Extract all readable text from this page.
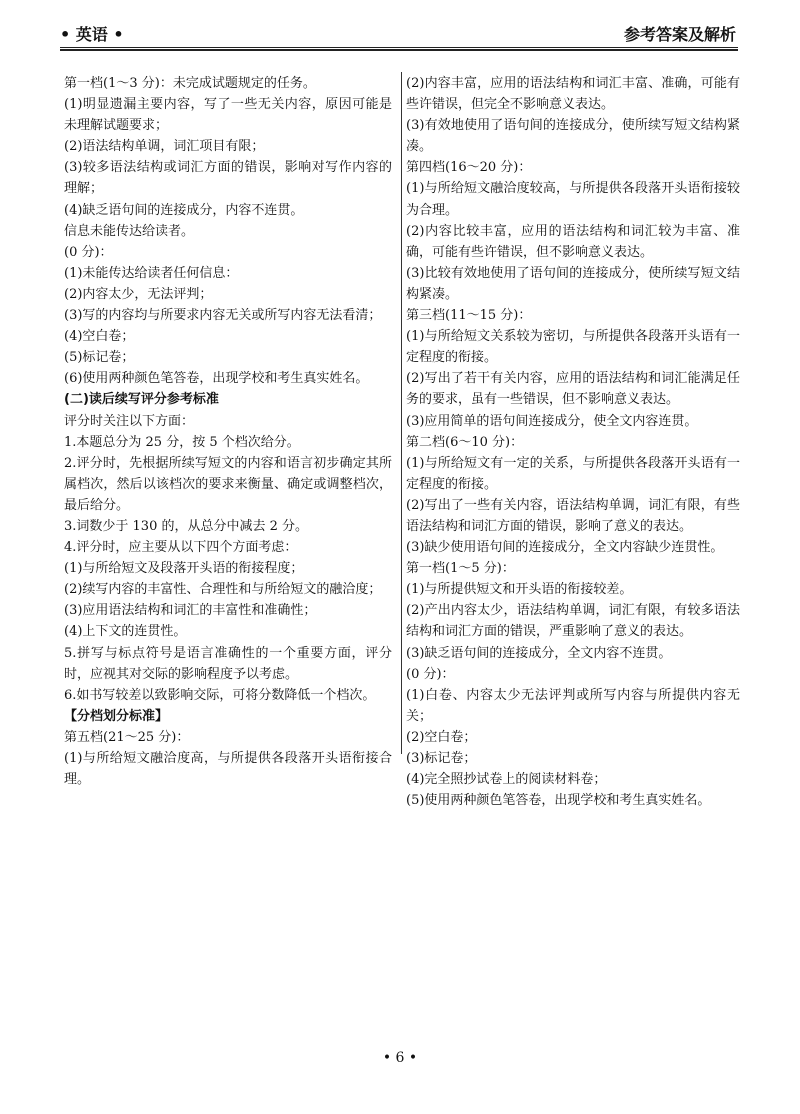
• 英语 •	参考答案及解析

第一档(1～3 分)：未完成试题规定的任务。

(1)明显遗漏主要内容，写了一些无关内容，原因可能是未理解试题要求；

(2)语法结构单调，词汇项目有限；

(3)较多语法结构或词汇方面的错误，影响对写作内容的理解；

(4)缺乏语句间的连接成分，内容不连贯。

信息未能传达给读者。

(0 分)：

(1)未能传达给读者任何信息：

(2)内容太少，无法评判；

(3)写的内容均与所要求内容无关或所写内容无法看清；

(4)空白卷；

(5)标记卷；

(6)使用两种颜色笔答卷，出现学校和考生真实姓名。

(二)读后续写评分参考标准

评分时关注以下方面：

1.本题总分为 25 分，按 5 个档次给分。

2.评分时，先根据所续写短文的内容和语言初步确定其所属档次，然后以该档次的要求来衡量、确定或调整档次，最后给分。

3.词数少于 130 的，从总分中减去 2 分。

4.评分时，应主要从以下四个方面考虑：

(1)与所给短文及段落开头语的衔接程度；

(2)续写内容的丰富性、合理性和与所给短文的融洽度；

(3)应用语法结构和词汇的丰富性和准确性；

(4)上下文的连贯性。

5.拼写与标点符号是语言准确性的一个重要方面，评分时，应视其对交际的影响程度予以考虑。

6.如书写较差以致影响交际，可将分数降低一个档次。

【分档划分标准】

第五档(21～25 分)：

(1)与所给短文融洽度高，与所提供各段落开头语衔接合理。

(2)内容丰富，应用的语法结构和词汇丰富、准确，可能有些许错误，但完全不影响意义表达。

(3)有效地使用了语句间的连接成分，使所续写短文结构紧凑。

第四档(16～20 分)：

(1)与所给短文融洽度较高，与所提供各段落开头语衔接较为合理。

(2)内容比较丰富，应用的语法结构和词汇较为丰富、准确，可能有些许错误，但不影响意义表达。

(3)比较有效地使用了语句间的连接成分，使所续写短文结构紧凑。

第三档(11～15 分)：

(1)与所给短文关系较为密切，与所提供各段落开头语有一定程度的衔接。

(2)写出了若干有关内容，应用的语法结构和词汇能满足任务的要求，虽有一些错误，但不影响意义表达。

(3)应用简单的语句间连接成分，使全文内容连贯。

第二档(6～10 分)：

(1)与所给短文有一定的关系，与所提供各段落开头语有一定程度的衔接。

(2)写出了一些有关内容，语法结构单调，词汇有限，有些语法结构和词汇方面的错误，影响了意义的表达。

(3)缺少使用语句间的连接成分，全文内容缺少连贯性。

第一档(1～5 分)：

(1)与所提供短文和开头语的衔接较差。

(2)产出内容太少，语法结构单调，词汇有限，有较多语法结构和词汇方面的错误，严重影响了意义的表达。

(3)缺乏语句间的连接成分，全文内容不连贯。

(0 分)：

(1)白卷、内容太少无法评判或所写内容与所提供内容无关；

(2)空白卷；

(3)标记卷；

(4)完全照抄试卷上的阅读材料卷；

(5)使用两种颜色笔答卷，出现学校和考生真实姓名。

• 6 •
